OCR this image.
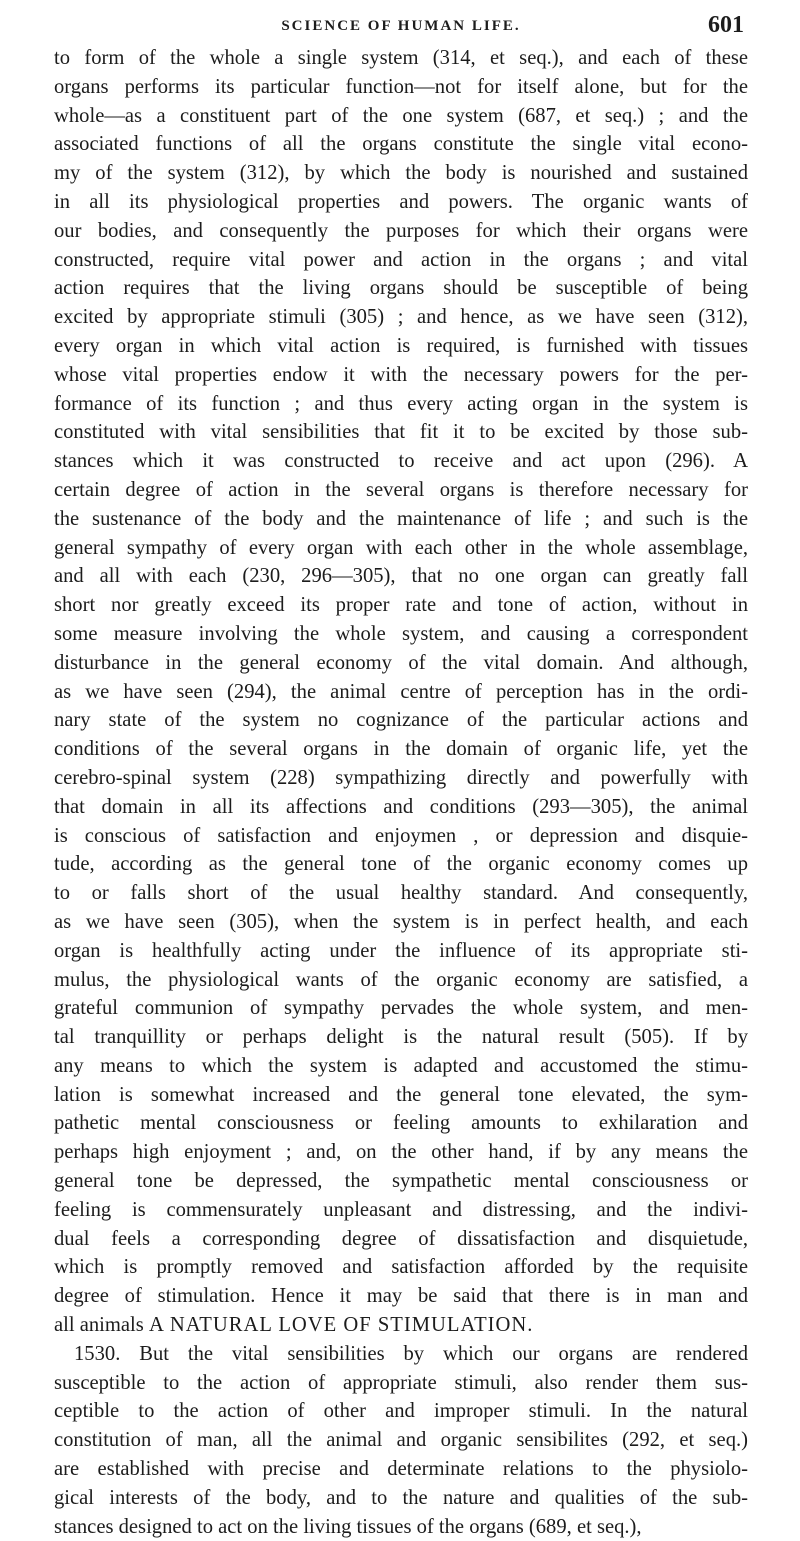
SCIENCE OF HUMAN LIFE.	601
to form of the whole a single system (314, et seq.), and each of these
organs performs its particular function—not for itself alone, but for the
whole—as a constituent part of the one system (687, et seq.) ; and the
associated functions of all the organs constitute the single vital econo-
my of the system (312), by which the body is nourished and sustained
in all its physiological properties and powers. The organic wants of
our bodies, and consequently the purposes for which their organs were
constructed, require vital power and action in the organs ; and vital
action requires that the living organs should be susceptible of being
excited by appropriate stimuli (305) ; and hence, as we have seen (312),
every organ in which vital action is required, is furnished with tissues
whose vital properties endow it with the necessary powers for the per-
formance of its function ; and thus every acting organ in the system is
constituted with vital sensibilities that fit it to be excited by those sub-
stances which it was constructed to receive and act upon (296). A
certain degree of action in the several organs is therefore necessary for
the sustenance of the body and the maintenance of life ; and such is the
general sympathy of every organ with each other in the whole assemblage,
and all with each (230, 296—305), that no one organ can greatly fall
short nor greatly exceed its proper rate and tone of action, without in
some measure involving the whole system, and causing a correspondent
disturbance in the general economy of the vital domain. And although,
as we have seen (294), the animal centre of perception has in the ordi-
nary state of the system no cognizance of the particular actions and
conditions of the several organs in the domain of organic life, yet the
cerebro-spinal system (228) sympathizing directly and powerfully with
that domain in all its affections and conditions (293—305), the animal
is conscious of satisfaction and enjoymen , or depression and disquie-
tude, according as the general tone of the organic economy comes up
to or falls short of the usual healthy standard. And consequently,
as we have seen (305), when the system is in perfect health, and each
organ is healthfully acting under the influence of its appropriate sti-
mulus, the physiological wants of the organic economy are satisfied, a
grateful communion of sympathy pervades the whole system, and men-
tal tranquillity or perhaps delight is the natural result (505). If by
any means to which the system is adapted and accustomed the stimu-
lation is somewhat increased and the general tone elevated, the sym-
pathetic mental consciousness or feeling amounts to exhilaration and
perhaps high enjoyment ; and, on the other hand, if by any means the
general tone be depressed, the sympathetic mental consciousness or
feeling is commensurately unpleasant and distressing, and the indivi-
dual feels a corresponding degree of dissatisfaction and disquietude,
which is promptly removed and satisfaction afforded by the requisite
degree of stimulation. Hence it may be said that there is in man and
all animals A NATURAL LOVE OF STIMULATION.
1530. But the vital sensibilities by which our organs are rendered
susceptible to the action of appropriate stimuli, also render them sus-
ceptible to the action of other and improper stimuli. In the natural
constitution of man, all the animal and organic sensibilites (292, et seq.)
are established with precise and determinate relations to the physiolo-
gical interests of the body, and to the nature and qualities of the sub-
stances designed to act on the living tissues of the organs (689, et seq.),
